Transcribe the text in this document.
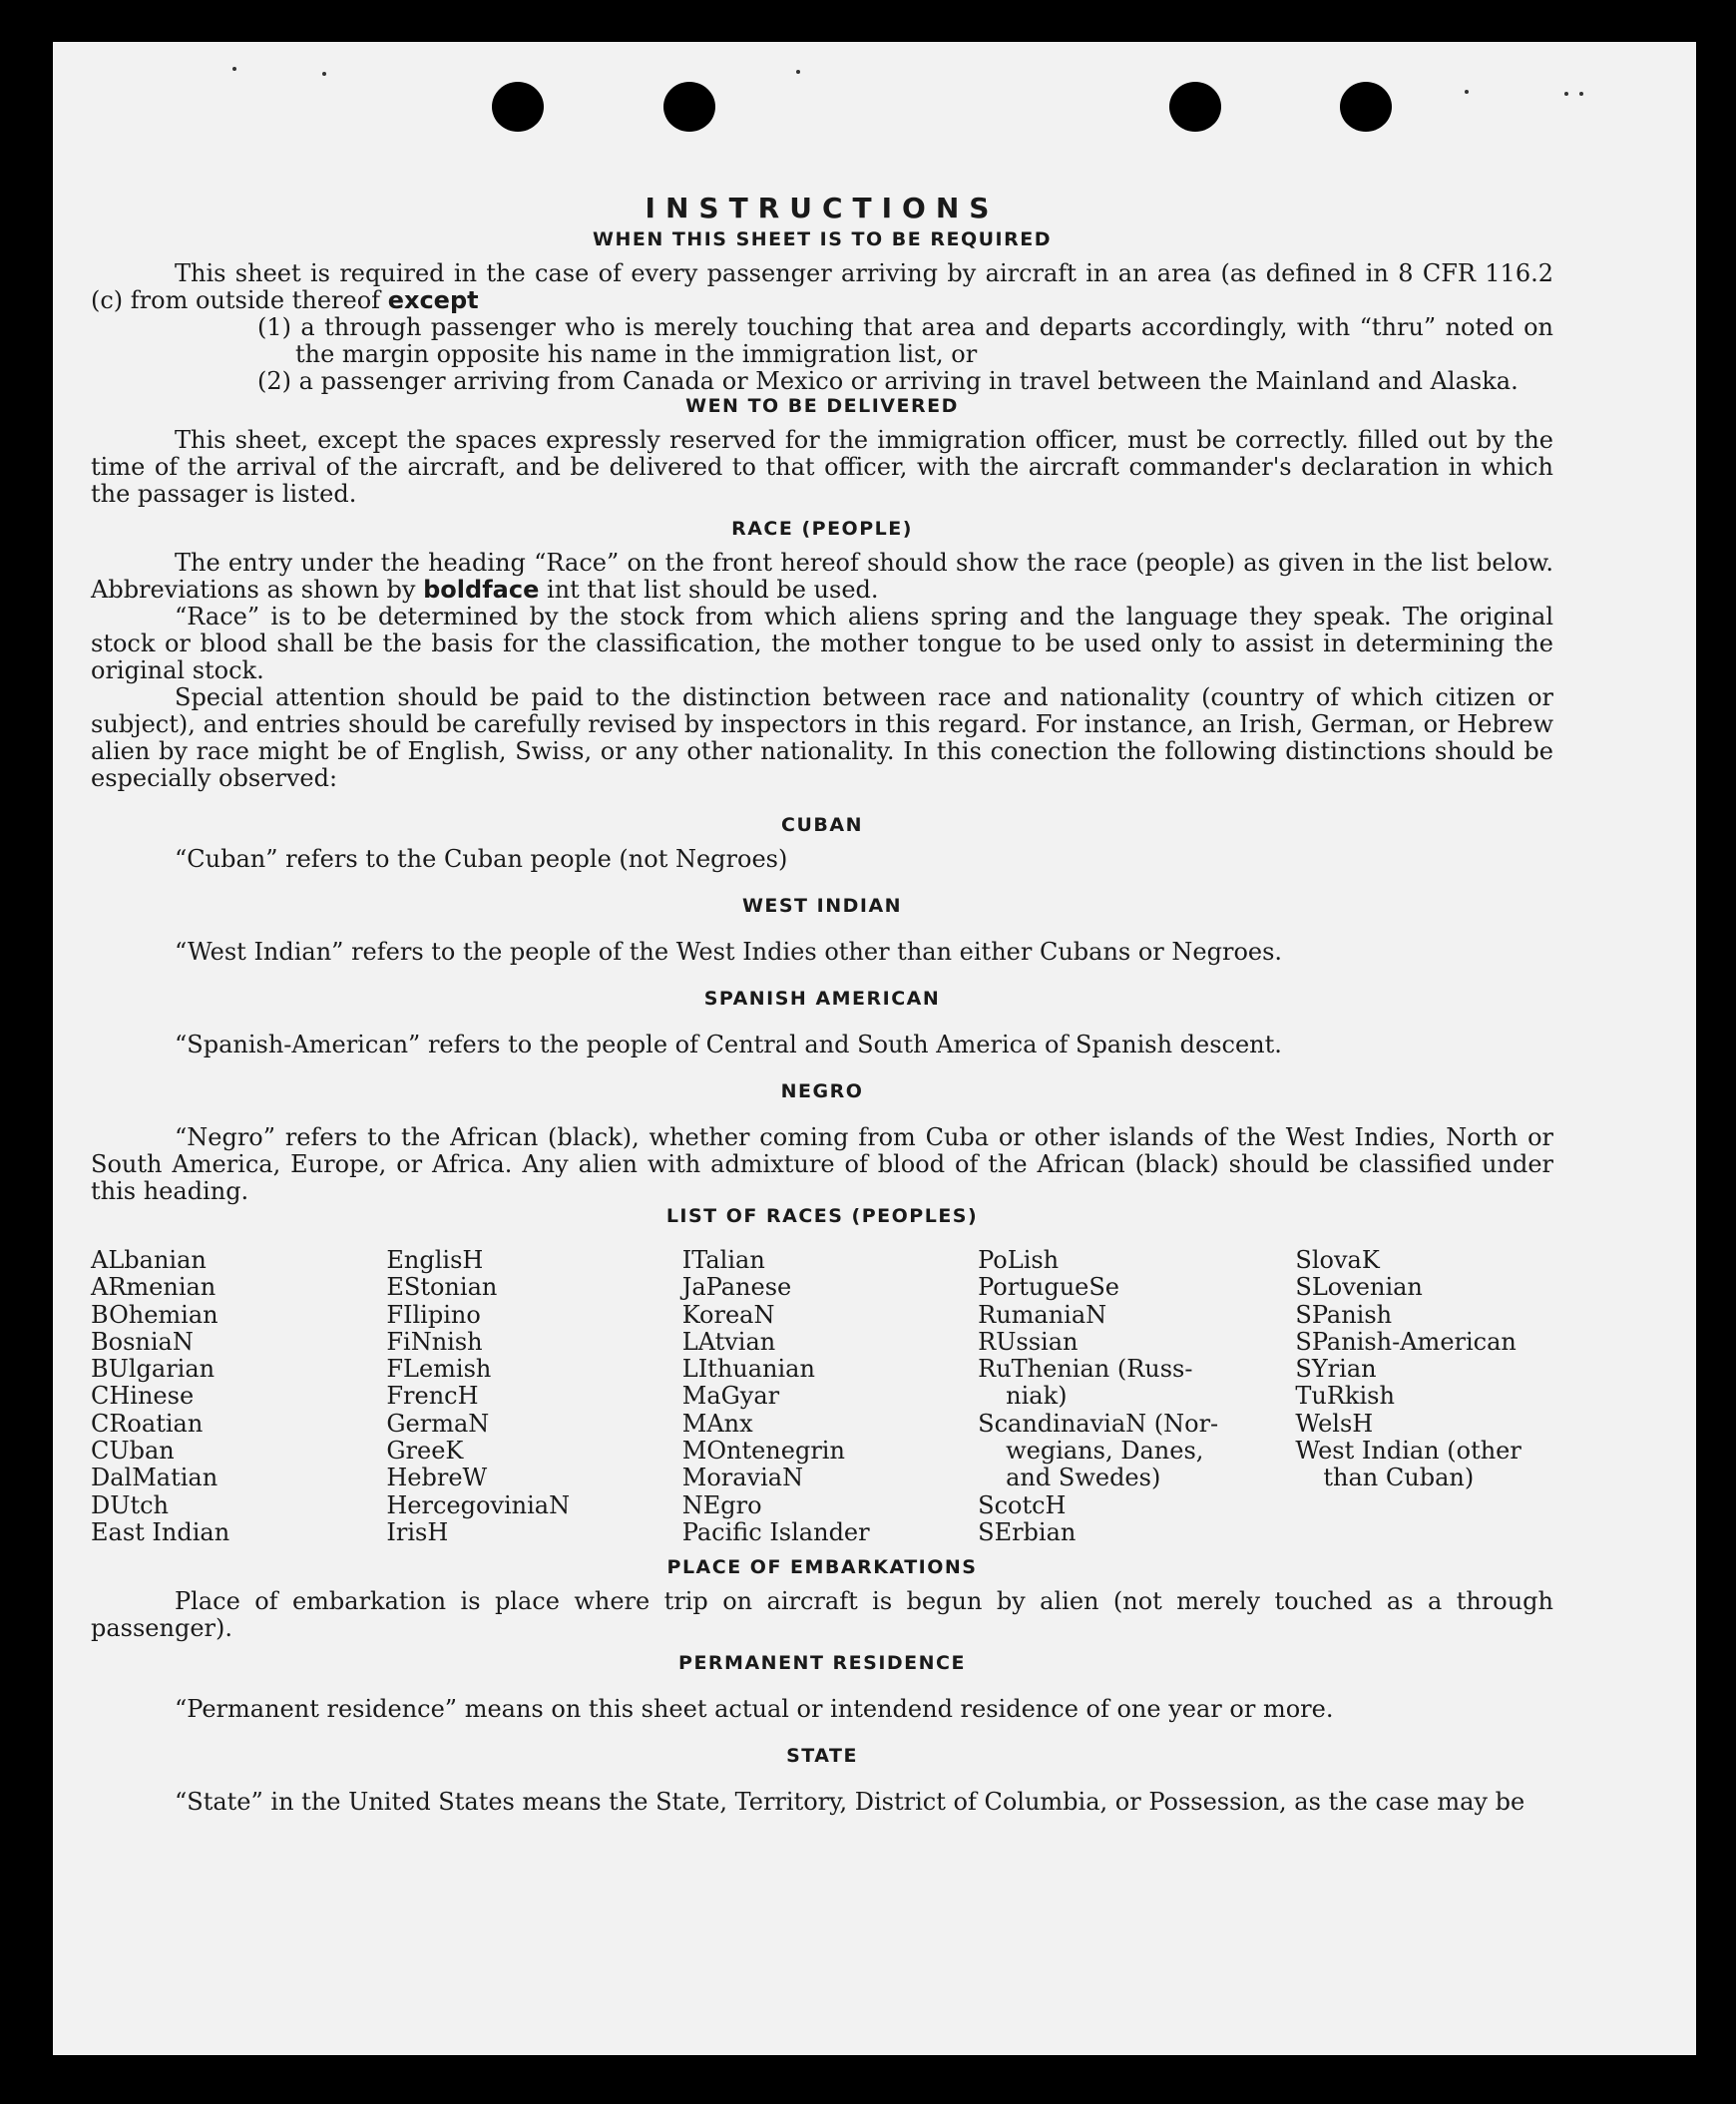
INSTRUCTIONS
WHEN THIS SHEET IS TO BE REQUIRED

This sheet is required in the case of every passenger arriving by aircraft in an area (as defined in 8 CFR 116.2 (c) from outside thereof except

(1) a through passenger who is merely touching that area and departs accordingly, with “thru” noted on the margin opposite his name in the immigration list, or
(2) a passenger arriving from Canada or Mexico or arriving in travel between the Mainland and Alaska.
WEN TO BE DELIVERED

This sheet, except the spaces expressly reserved for the immigration officer, must be correctly. filled out by the time of the arrival of the aircraft, and be delivered to that officer, with the aircraft commander's declaration in which the passager is listed.

RACE (PEOPLE)

The entry under the heading “Race” on the front hereof should show the race (people) as given in the list below. Abbreviations as shown by boldface int that list should be used.

“Race” is to be determined by the stock from which aliens spring and the language they speak. The original stock or blood shall be the basis for the classification, the mother tongue to be used only to assist in determining the original stock.

Special attention should be paid to the distinction between race and nationality (country of which citizen or subject), and entries should be carefully revised by inspectors in this regard. For instance, an Irish, German, or Hebrew alien by race might be of English, Swiss, or any other nationality. In this conection the following distinctions should be especially observed:

CUBAN

“Cuban” refers to the Cuban people (not Negroes)

WEST INDIAN

“West Indian” refers to the people of the West Indies other than either Cubans or Negroes.

SPANISH AMERICAN

“Spanish-American” refers to the people of Central and South America of Spanish descent.

NEGRO

“Negro” refers to the African (black), whether coming from Cuba or other islands of the West Indies, North or South America, Europe, or Africa. Any alien with admixture of blood of the African (black) should be classified under this heading.

LIST OF RACES (PEOPLES)
ALbanian
ARmenian
BOhemian
BosniaN
BUlgarian
CHinese
CRoatian
CUban
DalMatian
DUtch
East Indian
EnglisH
EStonian
FIlipino
FiNnish
FLemish
FrencH
GermaN
GreeK
HebreW
HercegoviniaN
IrisH
ITalian
JaPanese
KoreaN
LAtvian
LIthuanian
MaGyar
MAnx
MOntenegrin
MoraviaN
NEgro
Pacific Islander
PoLish
PortugueSe
RumaniaN
RUssian
RuThenian (Russ-
niak)
ScandinaviaN (Nor-
wegians, Danes,
and Swedes)
ScotcH
SErbian
SlovaK
SLovenian
SPanish
SPanish-American
SYrian
TuRkish
WelsH
West Indian (other
than Cuban)
PLACE OF EMBARKATIONS

Place of embarkation is place where trip on aircraft is begun by alien (not merely touched as a through passenger).

PERMANENT RESIDENCE

“Permanent residence” means on this sheet actual or intendend residence of one year or more.

STATE

“State” in the United States means the State, Territory, District of Columbia, or Possession, as the case may be
